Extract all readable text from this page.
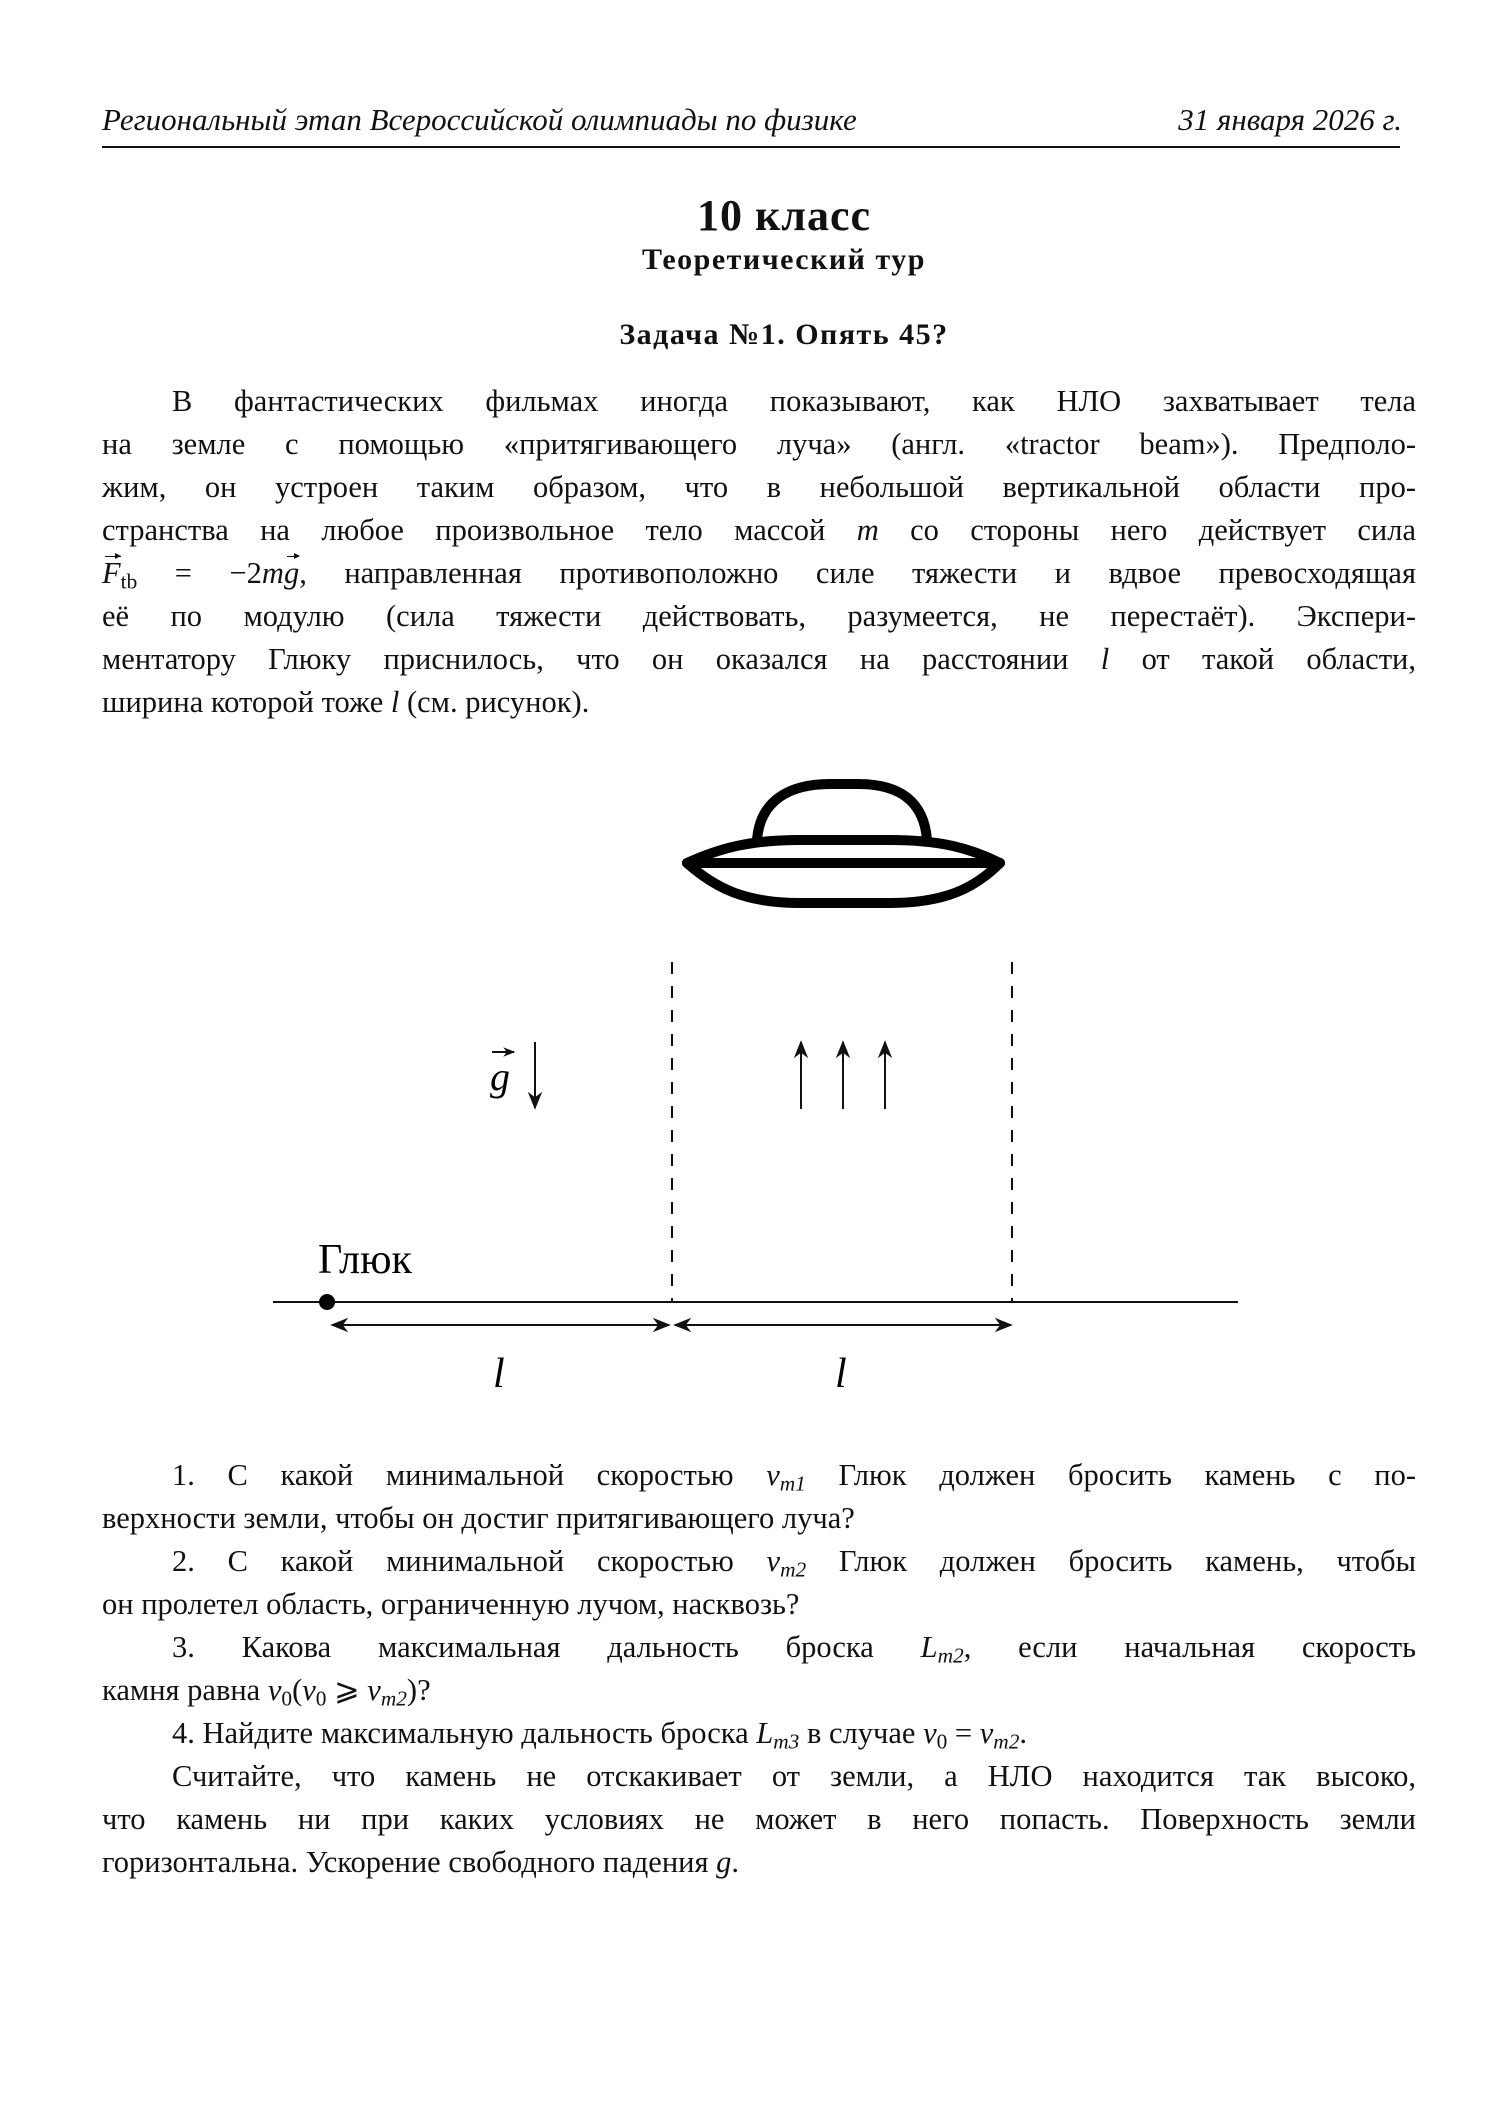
Региональный этап Всероссийской олимпиады по физике	31 января 2026 г.
10 класс
Теоретический тур
Задача №1. Опять 45?
В фантастических фильмах иногда показывают, как НЛО захватывает тела
на земле с помощью «притягивающего луча» (англ. «tractor beam»). Предполо-
жим, он устроен таким образом, что в небольшой вертикальной области про-
странства на любое произвольное тело массой m со стороны него действует сила
$F_{tb} = -2mg$, направленная противоположно силе тяжести и вдвое превосходящая
её по модулю (сила тяжести действовать, разумеется, не перестаёт). Экспери-
ментатору Глюку приснилось, что он оказался на расстоянии l от такой области,
ширина которой тоже l (см. рисунок).
g
Глюк
l	l
1. С какой минимальной скоростью vm1 Глюк должен бросить камень с по-
верхности земли, чтобы он достиг притягивающего луча?
2. С какой минимальной скоростью vm2 Глюк должен бросить камень, чтобы
он пролетел область, ограниченную лучом, насквозь?
3. Какова максимальная дальность броска Lm2, если начальная скорость
камня равна $v_0(v_0$ ⩾ vm2)?
4. Найдите максимальную дальность броска Lm3 в случае $v_0 = vm2$.
Считайте, что камень не отскакивает от земли, а НЛО находится так высоко,
что камень ни при каких условиях не может в него попасть. Поверхность земли
горизонтальна. Ускорение свободного падения g.
